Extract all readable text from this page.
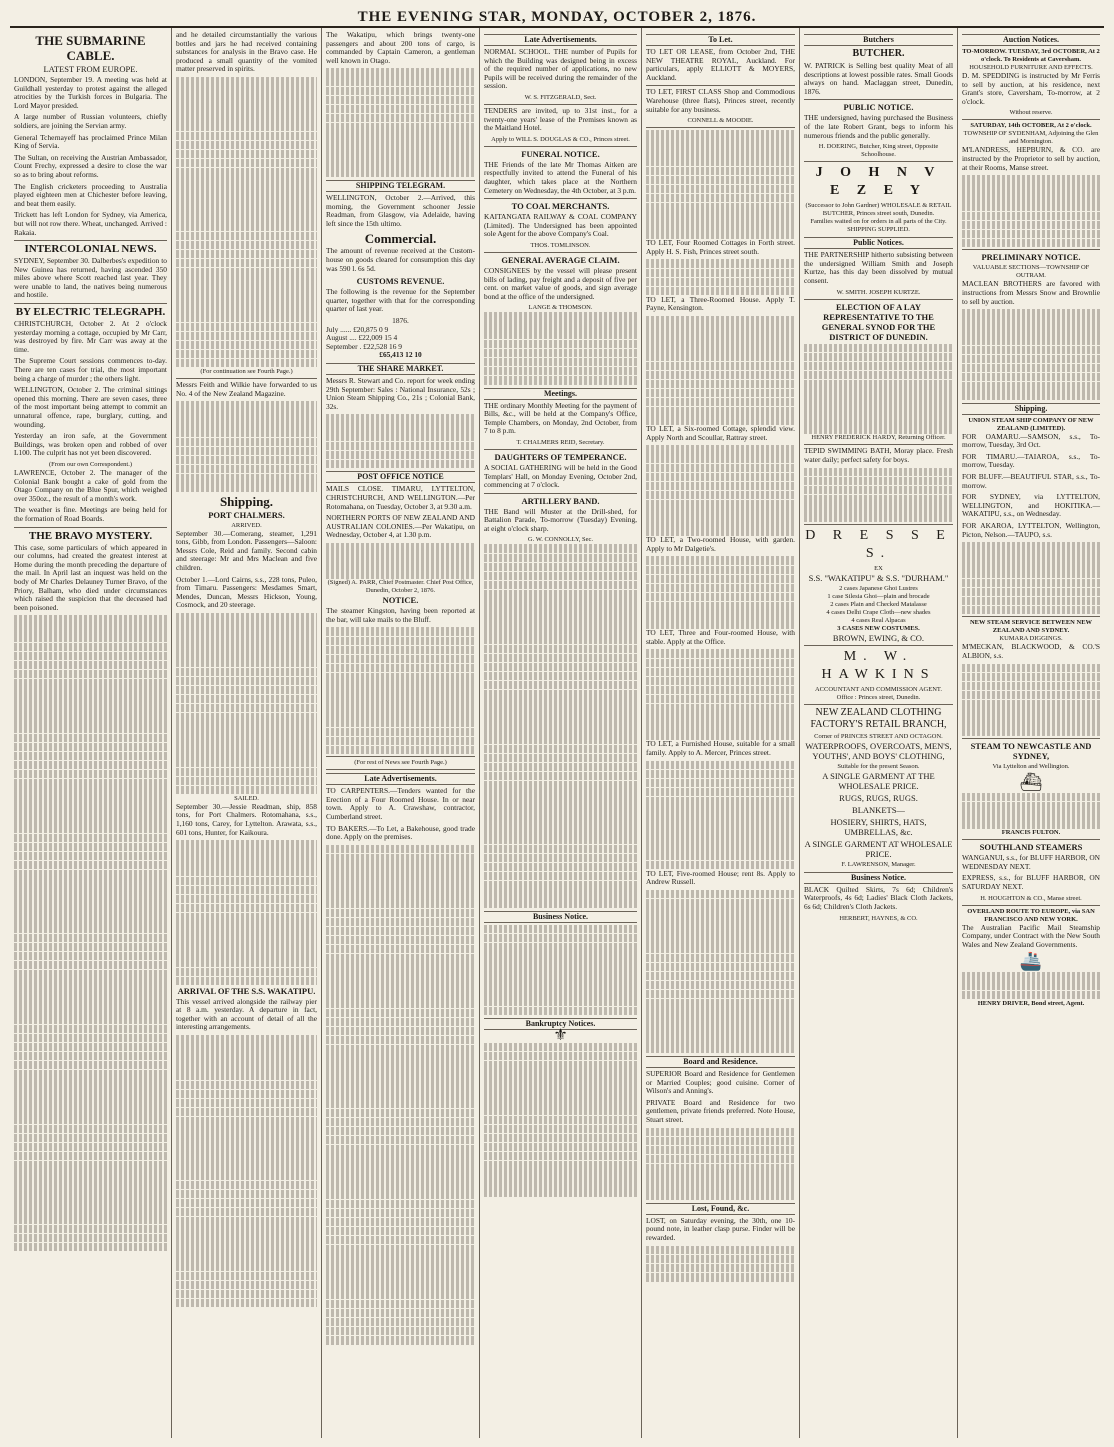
THE EVENING STAR, MONDAY, OCTOBER 2, 1876.
THE SUBMARINE CABLE.
LATEST FROM EUROPE.
LONDON, September 19. A meeting was held at Guildhall yesterday to protest against the alleged atrocities by the Turkish forces in Bulgaria. The Lord Mayor presided.
A large number of Russian volunteers, chiefly soldiers, are joining the Servian army.
General Tchernayeff has proclaimed Prince Milan King of Servia.
The Sultan, on receiving the Austrian Ambassador, Count Frechy, expressed a desire to close the war so as to bring about reforms.
The English cricketers proceeding to Australia played eighteen men at Chichester before leaving, and beat them easily.
Trickett has left London for Sydney, via America, but will not row there. Wheat, unchanged. Arrived : Rakaia.
INTERCOLONIAL NEWS.
SYDNEY, September 30. Dalberbes's expedition to New Guinea has returned, having ascended 350 miles above where Scott reached last year. They were unable to land, the natives being numerous and hostile.
BY ELECTRIC TELEGRAPH.
CHRISTCHURCH, October 2. At 2 o'clock yesterday morning a cottage, occupied by Mr Carr, was destroyed by fire. Mr Carr was away at the time.
The Supreme Court sessions commences to-day. There are ten cases for trial, the most important being a charge of murder ; the others light.
WELLINGTON, October 2. The criminal sittings opened this morning. There are seven cases, three of the most important being attempt to commit an unnatural offence, rape, burglary, cutting, and wounding.
Yesterday an iron safe, at the Government Buildings, was broken open and robbed of over L100. The culprit has not yet been discovered.
(From our own Correspondent.)
LAWRENCE, October 2. The manager of the Colonial Bank bought a cake of gold from the Otago Company on the Blue Spur, which weighed over 350oz., the result of a month's work.
The weather is fine. Meetings are being held for the formation of Road Boards.
THE BRAVO MYSTERY.
This case, some particulars of which appeared in our columns, had created the greatest interest at Home during the month preceding the departure of the mail. In April last an inquest was held on the body of Mr Charles Delauney Turner Bravo, of the Priory, Balham, who died under circumstances which raised the suspicion that the deceased had been poisoned.
and he detailed circumstantially the various bottles and jars he had received containing substances for analysis in the Bravo case. He produced a small quantity of the vomited matter preserved in spirits.
(For continuation see Fourth Page.)
Messrs Feith and Wilkie have forwarded to us No. 4 of the New Zealand Magazine.
Shipping.
PORT CHALMERS.
ARRIVED.
September 30.—Comerang, steamer, 1,291 tons, Gibb, from London. Passengers—Saloon: Messrs Cole, Reid and family. Second cabin and steerage: Mr and Mrs Maclean and five children.
October 1.—Lord Cairns, s.s., 228 tons, Puleo, from Timaru. Passengers: Mesdames Smart, Mendes, Duncan, Messrs Hickson, Young, Cosmock, and 20 steerage.
SAILED.
September 30.—Jessie Readman, ship, 858 tons, for Port Chalmers. Rotomahana, s.s., 1,160 tons, Carey, for Lyttelton. Arawata, s.s., 601 tons, Hunter, for Kaikoura.
ARRIVAL OF THE S.S. WAKATIPU.
This vessel arrived alongside the railway pier at 8 a.m. yesterday. A departure in fact, together with an account of detail of all the interesting arrangements.
The Wakatipu, which brings twenty-one passengers and about 200 tons of cargo, is commanded by Captain Cameron, a gentleman well known in Otago.
SHIPPING TELEGRAM.
WELLINGTON, October 2.—Arrived, this morning, the Government schooner Jessie Readman, from Glasgow, via Adelaide, having left since the 15th ultimo.
Commercial.
The amount of revenue received at the Custom-house on goods cleared for consumption this day was 590 l. 6s 5d.
CUSTOMS REVENUE.
The following is the revenue for the September quarter, together with that for the corresponding quarter of last year.
1876.
July ...... £20,875 0 9
August .... £22,009 15 4
September . £22,528 16 9
£65,413 12 10
THE SHARE MARKET.
Messrs R. Stewart and Co. report for week ending 29th September: Sales : National Insurance, 52s ; Union Steam Shipping Co., 21s ; Colonial Bank, 32s.
POST OFFICE NOTICE
MAILS CLOSE. TIMARU, LYTTELTON, CHRISTCHURCH, AND WELLINGTON.—Per Rotomahana, on Tuesday, October 3, at 9.30 a.m.
NORTHERN PORTS OF NEW ZEALAND AND AUSTRALIAN COLONIES.—Per Wakatipu, on Wednesday, October 4, at 1.30 p.m.
(Signed) A. PARR, Chief Postmaster. Chief Post Office, Dunedin, October 2, 1876.
NOTICE.
The steamer Kingston, having been reported at the bar, will take mails to the Bluff.
(For rest of News see Fourth Page.)
Late Advertisements.
TO CARPENTERS.—Tenders wanted for the Erection of a Four Roomed House. In or near town. Apply to A. Crawshaw, contractor, Cumberland street.
TO BAKERS.—To Let, a Bakehouse, good trade done. Apply on the premises.
Late Advertisements.
NORMAL SCHOOL. THE number of Pupils for which the Building was designed being in excess of the required number of applications, no new Pupils will be received during the remainder of the session.
W. S. FITZGERALD, Sect.
TENDERS are invited, up to 31st inst., for a twenty-one years' lease of the Premises known as the Maitland Hotel.
Apply to WILL S. DOUGLAS & CO., Princes street.
FUNERAL NOTICE.
THE Friends of the late Mr Thomas Aitken are respectfully invited to attend the Funeral of his daughter, which takes place at the Northern Cemetery on Wednesday, the 4th October, at 3 p.m.
TO COAL MERCHANTS.
KAITANGATA RAILWAY & COAL COMPANY (Limited). The Undersigned has been appointed sole Agent for the above Company's Coal.
THOS. TOMLINSON.
GENERAL AVERAGE CLAIM.
CONSIGNEES by the vessel will please present bills of lading, pay freight and a deposit of five per cent. on market value of goods, and sign average bond at the office of the undersigned.
LANGE & THOMSON.
Meetings.
THE ordinary Monthly Meeting for the payment of Bills, &c., will be held at the Company's Office, Temple Chambers, on Monday, 2nd October, from 7 to 8 p.m.
T. CHALMERS REID, Secretary.
DAUGHTERS OF TEMPERANCE.
A SOCIAL GATHERING will be held in the Good Templars' Hall, on Monday Evening, October 2nd, commencing at 7 o'clock.
ARTILLERY BAND.
THE Band will Muster at the Drill-shed, for Battalion Parade, To-morrow (Tuesday) Evening, at eight o'clock sharp.
G. W. CONNOLLY, Sec.
Business Notice.
Bankruptcy Notices.
⚜
To Let.
TO LET OR LEASE, from October 2nd, THE NEW THEATRE ROYAL, Auckland. For particulars, apply ELLIOTT & MOYERS, Auckland.
TO LET, FIRST CLASS Shop and Commodious Warehouse (three flats), Princes street, recently suitable for any business.
CONNELL & MOODIE.
TO LET, Four Roomed Cottages in Forth street. Apply H. S. Fish, Princes street south.
TO LET, a Three-Roomed House. Apply T. Payne, Kensington.
TO LET, a Six-roomed Cottage, splendid view. Apply North and Scoullar, Rattray street.
TO LET, a Two-roomed House, with garden. Apply to Mr Dalgetie's.
TO LET, Three and Four-roomed House, with stable. Apply at the Office.
TO LET, a Furnished House, suitable for a small family. Apply to A. Mercer, Princes street.
TO LET, Five-roomed House; rent 8s. Apply to Andrew Russell.
Board and Residence.
SUPERIOR Board and Residence for Gentlemen or Married Couples; good cuisine. Corner of Wilson's and Anning's.
PRIVATE Board and Residence for two gentlemen, private friends preferred. Note House, Stuart street.
Lost, Found, &c.
LOST, on Saturday evening, the 30th, one 10-pound note, in leather clasp purse. Finder will be rewarded.
Butchers
BUTCHER.
W. PATRICK is Selling best quality Meat of all descriptions at lowest possible rates. Small Goods always on hand. Maclaggan street, Dunedin, 1876.
PUBLIC NOTICE.
THE undersigned, having purchased the Business of the late Robert Grant, begs to inform his numerous friends and the public generally.
H. DOERING, Butcher, King street, Opposite Schoolhouse.
J O H N V E Z E Y
(Successor to John Gardner) WHOLESALE & RETAIL BUTCHER, Princes street south, Dunedin.
Families waited on for orders in all parts of the City. SHIPPING SUPPLIED.
Public Notices.
THE PARTNERSHIP hitherto subsisting between the undersigned William Smith and Joseph Kurtze, has this day been dissolved by mutual consent.
W. SMITH. JOSEPH KURTZE.
ELECTION OF A LAY REPRESENTATIVE TO THE GENERAL SYNOD FOR THE DISTRICT OF DUNEDIN.
HENRY FREDERICK HARDY, Returning Officer.
TEPID SWIMMING BATH, Moray place. Fresh water daily; perfect safety for boys.
D R E S S E S.
EX
S.S. "WAKATIPU" & S.S. "DURHAM."
2 cases Japanese Ghoi Lustres
1 case Silesia Ghoi—plain and brocade
2 cases Plain and Checked Matalasse
4 cases Delhi Crape Cloth—new shades
4 cases Real Alpacas
3 CASES NEW COSTUMES.
BROWN, EWING, & CO.
M. W. HAWKINS
ACCOUNTANT AND COMMISSION AGENT.
Office : Princes street, Dunedin.
NEW ZEALAND CLOTHING FACTORY'S RETAIL BRANCH,
Corner of PRINCES STREET AND OCTAGON.
WATERPROOFS, OVERCOATS, MEN'S, YOUTHS', AND BOYS' CLOTHING,
Suitable for the present Season.
A SINGLE GARMENT AT THE WHOLESALE PRICE.
RUGS, RUGS, RUGS.
BLANKETS—
HOSIERY, SHIRTS, HATS, UMBRELLAS, &c.
A SINGLE GARMENT AT WHOLESALE PRICE.
F. LAWRENSON, Manager.
Business Notice.
BLACK Quilted Skirts, 7s 6d; Children's Waterproofs, 4s 6d; Ladies' Black Cloth Jackets, 6s 6d; Children's Cloth Jackets.
HERBERT, HAYNES, & CO.
Auction Notices.
TO-MORROW. TUESDAY, 3rd OCTOBER, At 2 o'clock. To Residents at Caversham.
HOUSEHOLD FURNITURE AND EFFECTS.
D. M. SPEDDING is instructed by Mr Ferris to sell by auction, at his residence, next Grant's store, Caversham, To-morrow, at 2 o'clock.
Without reserve.
SATURDAY, 14th OCTOBER, At 2 o'clock.
TOWNSHIP OF SYDENHAM, Adjoining the Glen and Mornington.
M'LANDRESS, HEPBURN, & CO. are instructed by the Proprietor to sell by auction, at their Rooms, Manse street.
PRELIMINARY NOTICE.
VALUABLE SECTIONS—TOWNSHIP OF OUTRAM.
MACLEAN BROTHERS are favored with instructions from Messrs Snow and Brownlie to sell by auction.
Shipping.
UNION STEAM SHIP COMPANY OF NEW ZEALAND (LIMITED).
FOR OAMARU.—SAMSON, s.s., To-morrow, Tuesday, 3rd Oct.
FOR TIMARU.—TAIAROA, s.s., To-morrow, Tuesday.
FOR BLUFF.—BEAUTIFUL STAR, s.s., To-morrow.
FOR SYDNEY, via LYTTELTON, WELLINGTON, and HOKITIKA.—WAKATIPU, s.s., on Wednesday.
FOR AKAROA, LYTTELTON, Wellington, Picton, Nelson.—TAUPO, s.s.
NEW STEAM SERVICE BETWEEN NEW ZEALAND AND SYDNEY.
KUMARA DIGGINGS.
M'MECKAN, BLACKWOOD, & CO.'S ALBION, s.s.
STEAM TO NEWCASTLE AND SYDNEY,
Via Lyttelton and Wellington.
⛴
FRANCIS FULTON.
SOUTHLAND STEAMERS
WANGANUI, s.s., for BLUFF HARBOR, ON WEDNESDAY NEXT.
EXPRESS, s.s., for BLUFF HARBOR, ON SATURDAY NEXT.
H. HOUGHTON & CO., Manse street.
OVERLAND ROUTE TO EUROPE, via SAN FRANCISCO AND NEW YORK.
The Australian Pacific Mail Steamship Company, under Contract with the New South Wales and New Zealand Governments.
🚢
HENRY DRIVER, Bond street, Agent.
